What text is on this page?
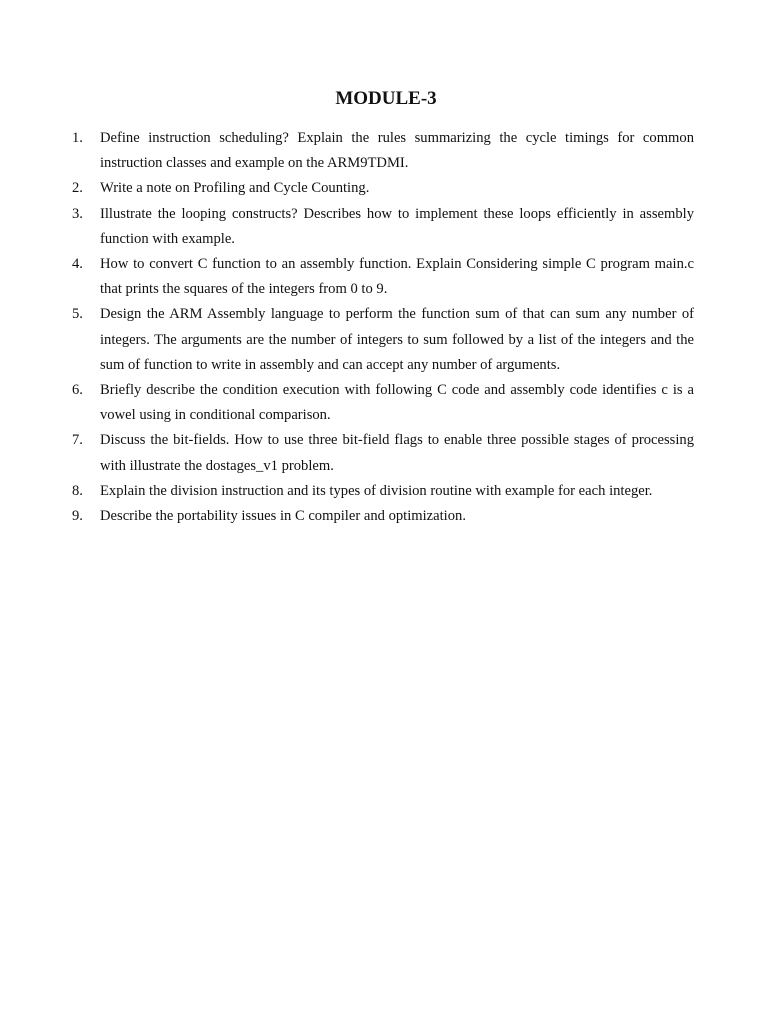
MODULE-3
1.	Define instruction scheduling? Explain the rules summarizing the cycle timings for common instruction classes and example on the ARM9TDMI.
2.	Write a note on Profiling and Cycle Counting.
3.	Illustrate the looping constructs? Describes how to implement these loops efficiently in assembly function with example.
4.	How to convert C function to an assembly function. Explain Considering simple C program main.c that prints the squares of the integers from 0 to 9.
5.	Design the ARM Assembly language to perform the function sum of that can sum any number of integers. The arguments are the number of integers to sum followed by a list of the integers and the sum of function to write in assembly and can accept any number of arguments.
6.	Briefly describe the condition execution with following C code and assembly code identifies c is a vowel using in conditional comparison.
7.	Discuss the bit-fields. How to use three bit-field flags to enable three possible stages of processing with illustrate the dostages_v1 problem.
8.	Explain the division instruction and its types of division routine with example for each integer.
9.	Describe the portability issues in C compiler and optimization.
